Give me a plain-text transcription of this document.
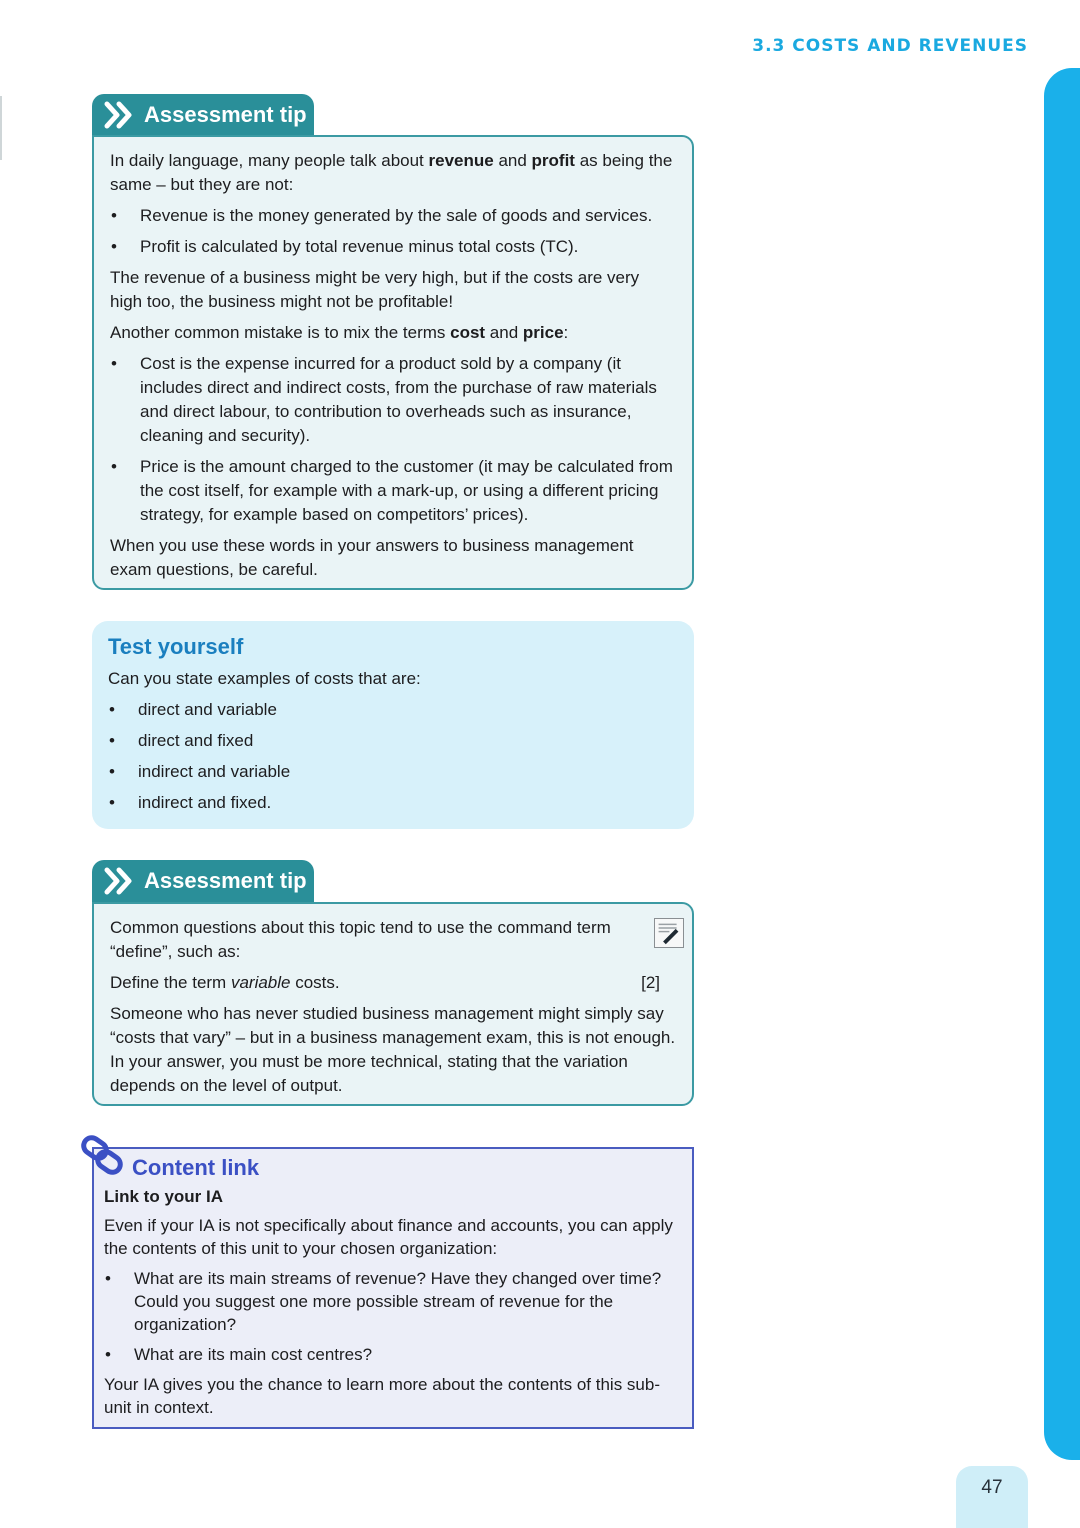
3.3 COSTS AND REVENUES
Assessment tip

In daily language, many people talk about revenue and profit as being the same – but they are not:

• Revenue is the money generated by the sale of goods and services.
• Profit is calculated by total revenue minus total costs (TC).

The revenue of a business might be very high, but if the costs are very high too, the business might not be profitable!

Another common mistake is to mix the terms cost and price:

• Cost is the expense incurred for a product sold by a company (it includes direct and indirect costs, from the purchase of raw materials and direct labour, to contribution to overheads such as insurance, cleaning and security).
• Price is the amount charged to the customer (it may be calculated from the cost itself, for example with a mark-up, or using a different pricing strategy, for example based on competitors’ prices).

When you use these words in your answers to business management exam questions, be careful.

Test yourself

Can you state examples of costs that are:

• direct and variable
• direct and fixed
• indirect and variable
• indirect and fixed.
Assessment tip

Common questions about this topic tend to use the command term “define”, such as:

Define the term variable costs.	[2]

Someone who has never studied business management might simply say “costs that vary” – but in a business management exam, this is not enough. In your answer, you must be more technical, stating that the variation depends on the level of output.

Content link

Link to your IA

Even if your IA is not specifically about finance and accounts, you can apply the contents of this unit to your chosen organization:

• What are its main streams of revenue? Have they changed over time? Could you suggest one more possible stream of revenue for the organization?
• What are its main cost centres?

Your IA gives you the chance to learn more about the contents of this sub-unit in context.

47
